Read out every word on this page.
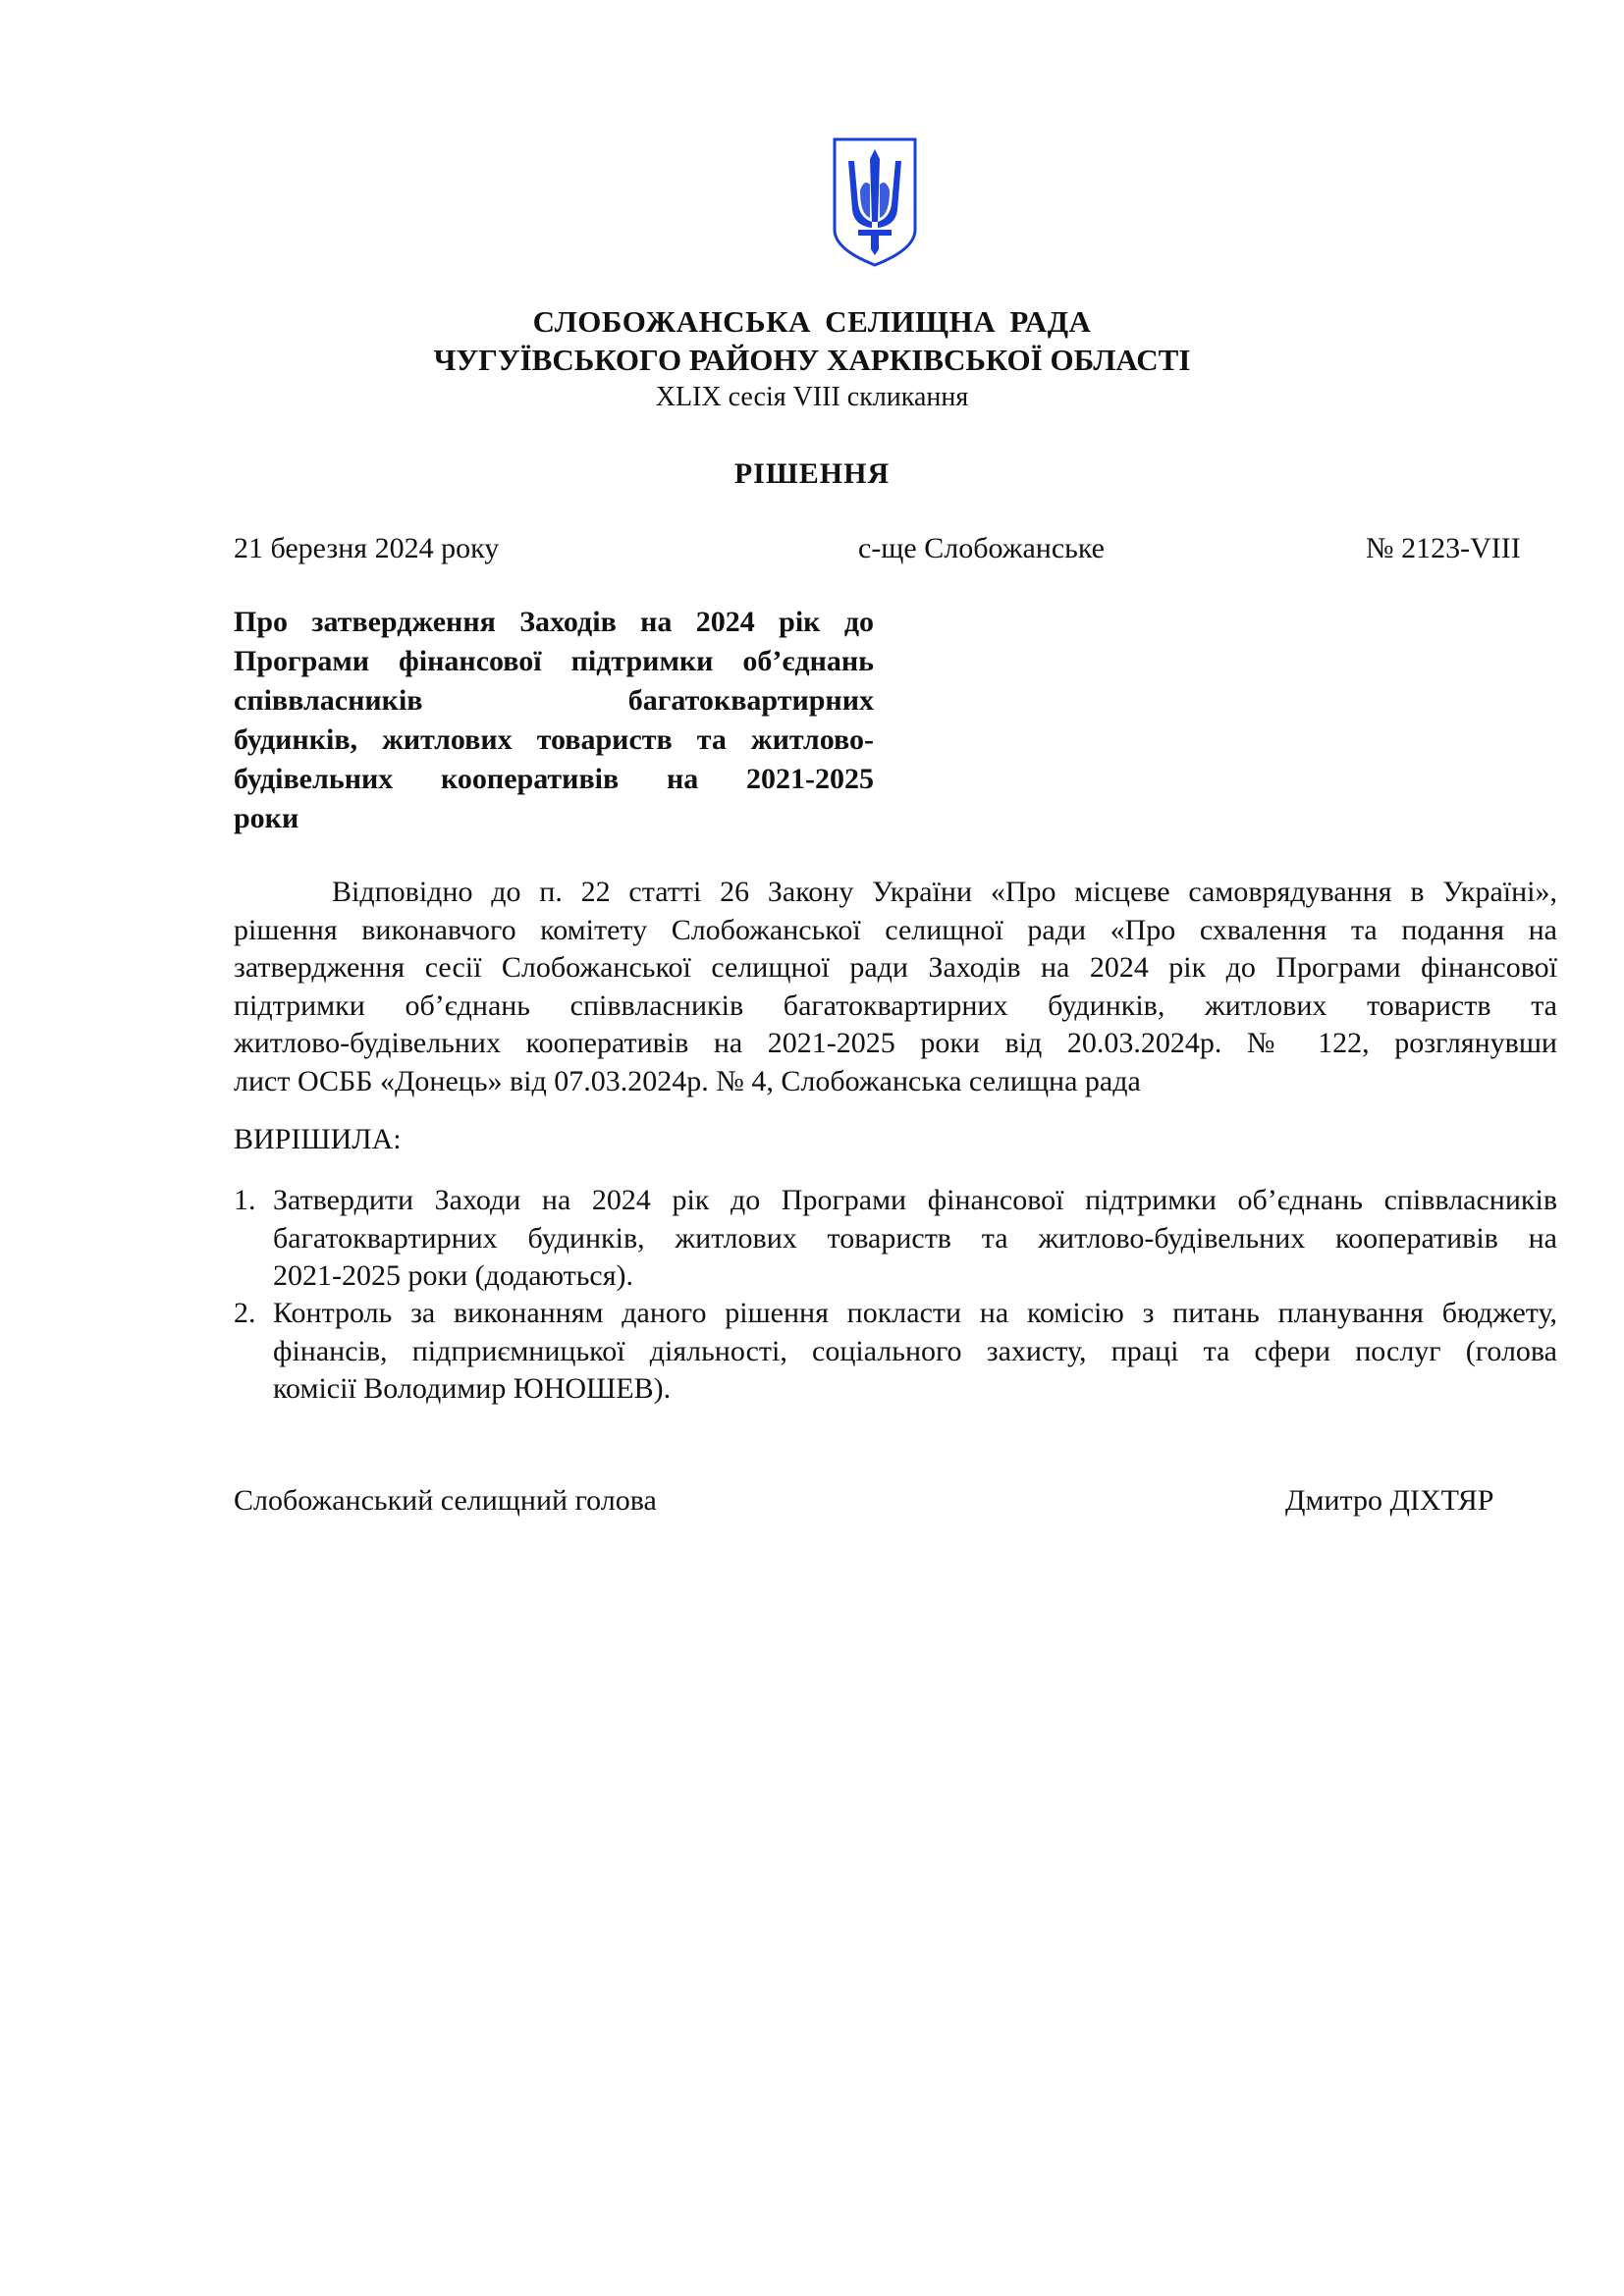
СЛОБОЖАНСЬКА СЕЛИЩНА РАДА
ЧУГУЇВСЬКОГО РАЙОНУ ХАРКІВСЬКОЇ ОБЛАСТІ
XLIX сесія VIII скликання
РІШЕННЯ
21 березня 2024 року	с-ще Слобожанське	№ 2123-VIII
Про затвердження Заходів на 2024 рік до
Програми фінансової підтримки об’єднань
співвласників багатоквартирних
будинків, житлових товариств та житлово-
будівельних кооперативів на 2021-2025
роки
Відповідно до п. 22 статті 26 Закону України «Про місцеве самоврядування в Україні»,
рішення виконавчого комітету Слобожанської селищної ради «Про схвалення та подання на
затвердження сесії Слобожанської селищної ради Заходів на 2024 рік до Програми фінансової
підтримки об’єднань співвласників багатоквартирних будинків, житлових товариств та
житлово-будівельних кооперативів на 2021-2025 роки від 20.03.2024р. № 122, розглянувши
лист ОСББ «Донець» від 07.03.2024р. № 4, Слобожанська селищна рада
ВИРІШИЛА:
1. Затвердити Заходи на 2024 рік до Програми фінансової підтримки об’єднань співвласників
багатоквартирних будинків, житлових товариств та житлово-будівельних кооперативів на
2021-2025 роки (додаються).
2. Контроль за виконанням даного рішення покласти на комісію з питань планування бюджету,
фінансів, підприємницької діяльності, соціального захисту, праці та сфери послуг (голова
комісії Володимир ЮНОШЕВ).
Слобожанський селищний голова	Дмитро ДІХТЯР
